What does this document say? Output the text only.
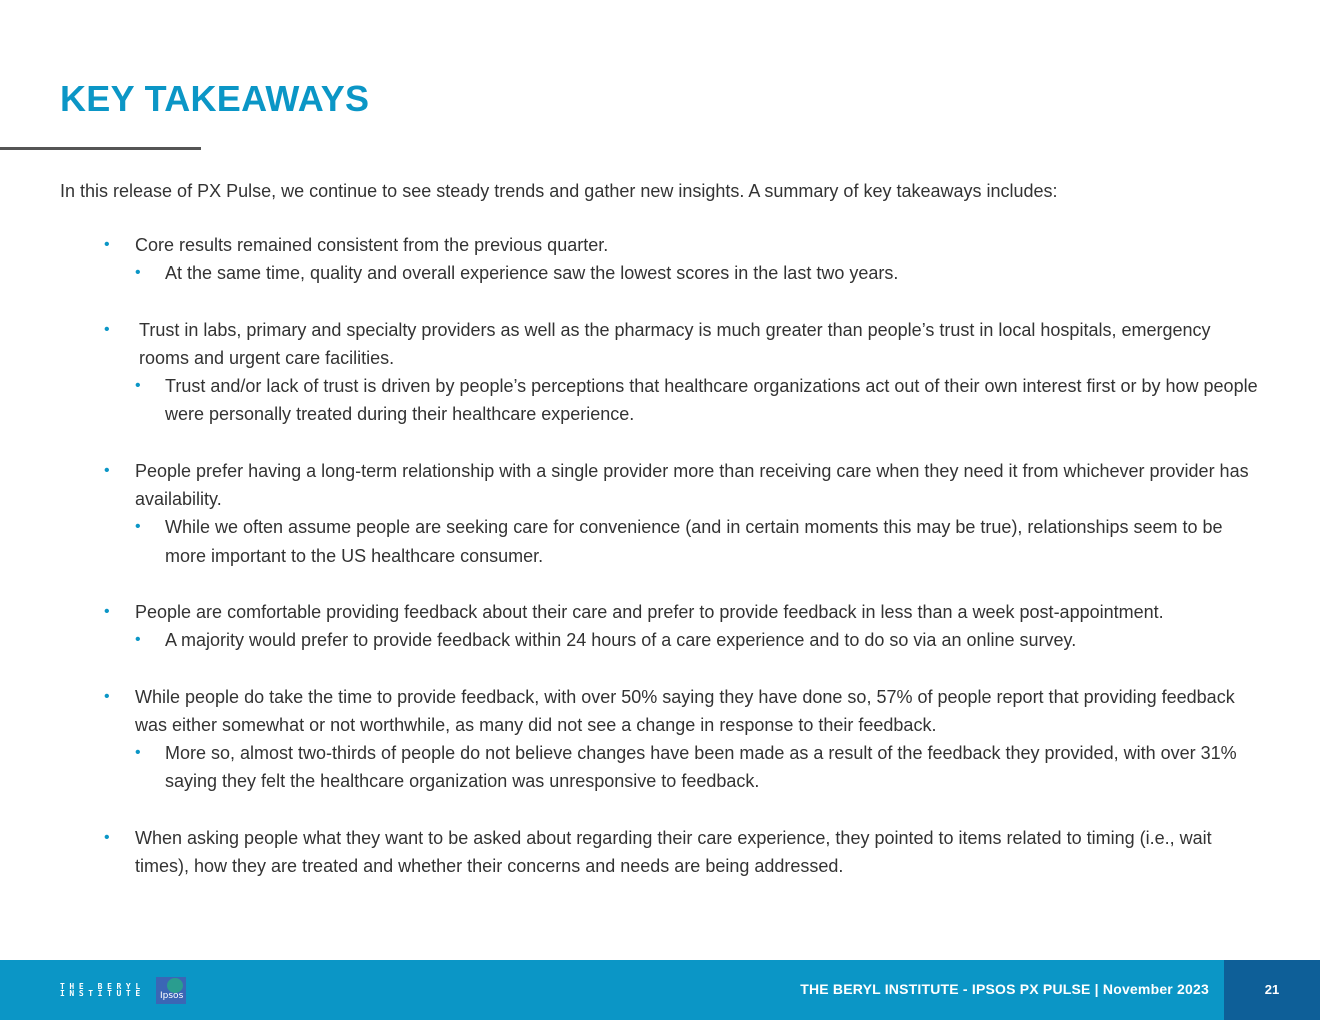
KEY TAKEAWAYS

In this release of PX Pulse, we continue to see steady trends and gather new insights. A summary of key takeaways includes:

•	Core results remained consistent from the previous quarter.
•	At the same time, quality and overall experience saw the lowest scores in the last two years.
•	Trust in labs, primary and specialty providers as well as the pharmacy is much greater than people’s trust in local hospitals, emergency rooms and urgent care facilities.
•	Trust and/or lack of trust is driven by people’s perceptions that healthcare organizations act out of their own interest first or by how people were personally treated during their healthcare experience.
•	People prefer having a long-term relationship with a single provider more than receiving care when they need it from whichever provider has availability.
•	While we often assume people are seeking care for convenience (and in certain moments this may be true), relationships seem to be more important to the US healthcare consumer.
•	People are comfortable providing feedback about their care and prefer to provide feedback in less than a week post-appointment.
•	A majority would prefer to provide feedback within 24 hours of a care experience and to do so via an online survey.
•	While people do take the time to provide feedback, with over 50% saying they have done so, 57% of people report that providing feedback was either somewhat or not worthwhile, as many did not see a change in response to their feedback.
•	More so, almost two-thirds of people do not believe changes have been made as a result of the feedback they provided, with over 31% saying they felt the healthcare organization was unresponsive to feedback.
•	When asking people what they want to be asked about regarding their care experience, they pointed to items related to timing (i.e., wait times), how they are treated and whether their concerns and needs are being addressed.
THE BERYL
INSTITUTE Ipsos	THE BERYL INSTITUTE - IPSOS PX PULSE | November 2023	21
